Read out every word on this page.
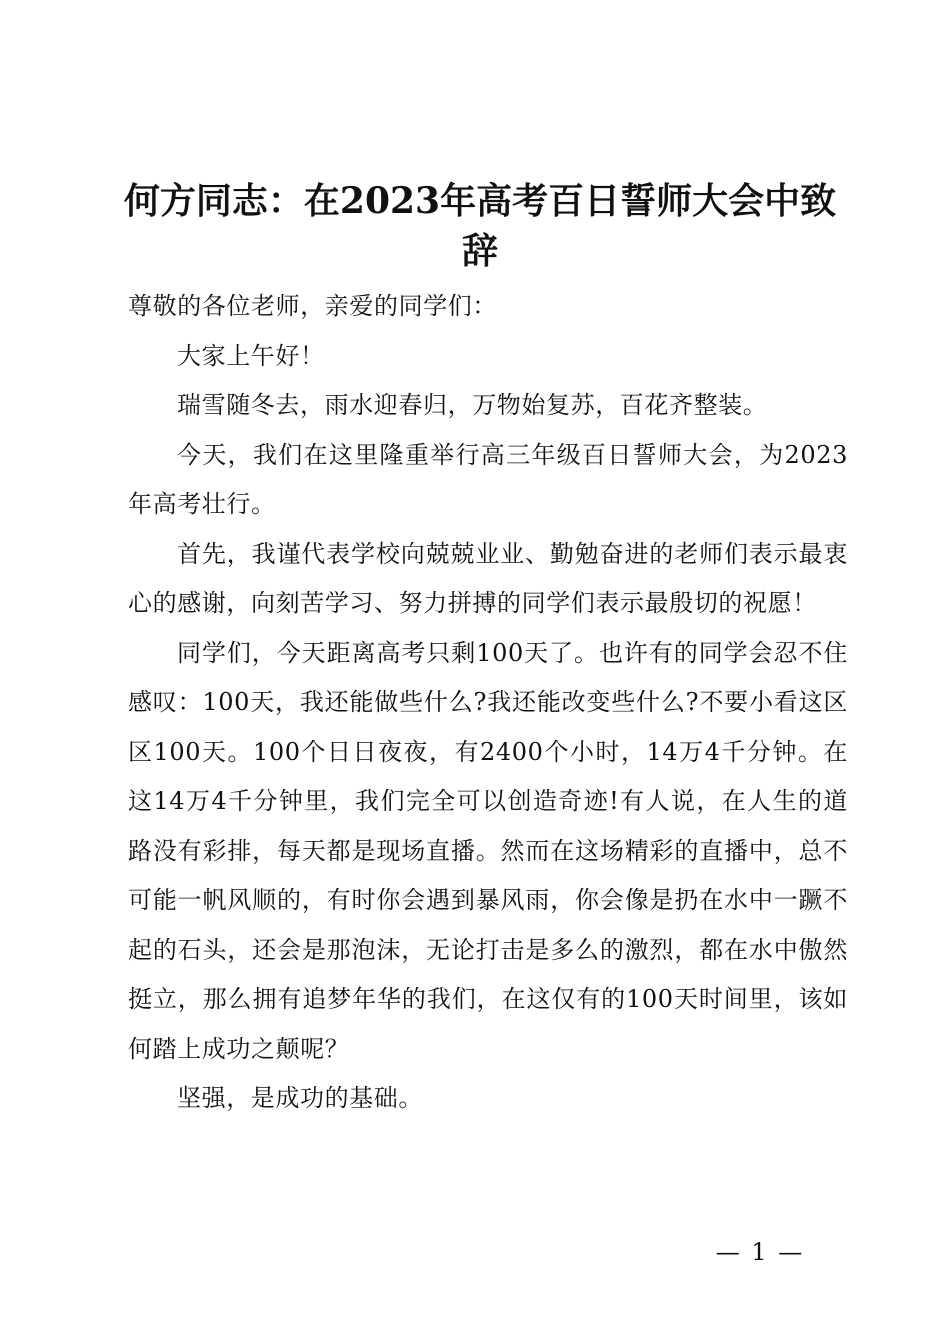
何方同志：在2023年高考百日誓师大会中致辞

尊敬的各位老师，亲爱的同学们：

大家上午好！

瑞雪随冬去，雨水迎春归，万物始复苏，百花齐整装。

今天，我们在这里隆重举行高三年级百日誓师大会，为2023年高考壮行。

首先，我谨代表学校向兢兢业业、勤勉奋进的老师们表示最衷心的感谢，向刻苦学习、努力拼搏的同学们表示最殷切的祝愿！

同学们，今天距离高考只剩100天了。也许有的同学会忍不住感叹：100天，我还能做些什么?我还能改变些什么?不要小看这区区100天。100个日日夜夜，有2400个小时，14万4千分钟。在这14万4千分钟里，我们完全可以创造奇迹!有人说，在人生的道路没有彩排，每天都是现场直播。然而在这场精彩的直播中，总不可能一帆风顺的，有时你会遇到暴风雨，你会像是扔在水中一蹶不起的石头，还会是那泡沫，无论打击是多么的激烈，都在水中傲然挺立，那么拥有追梦年华的我们，在这仅有的100天时间里，该如何踏上成功之颠呢？

坚强，是成功的基础。

— 1 —
